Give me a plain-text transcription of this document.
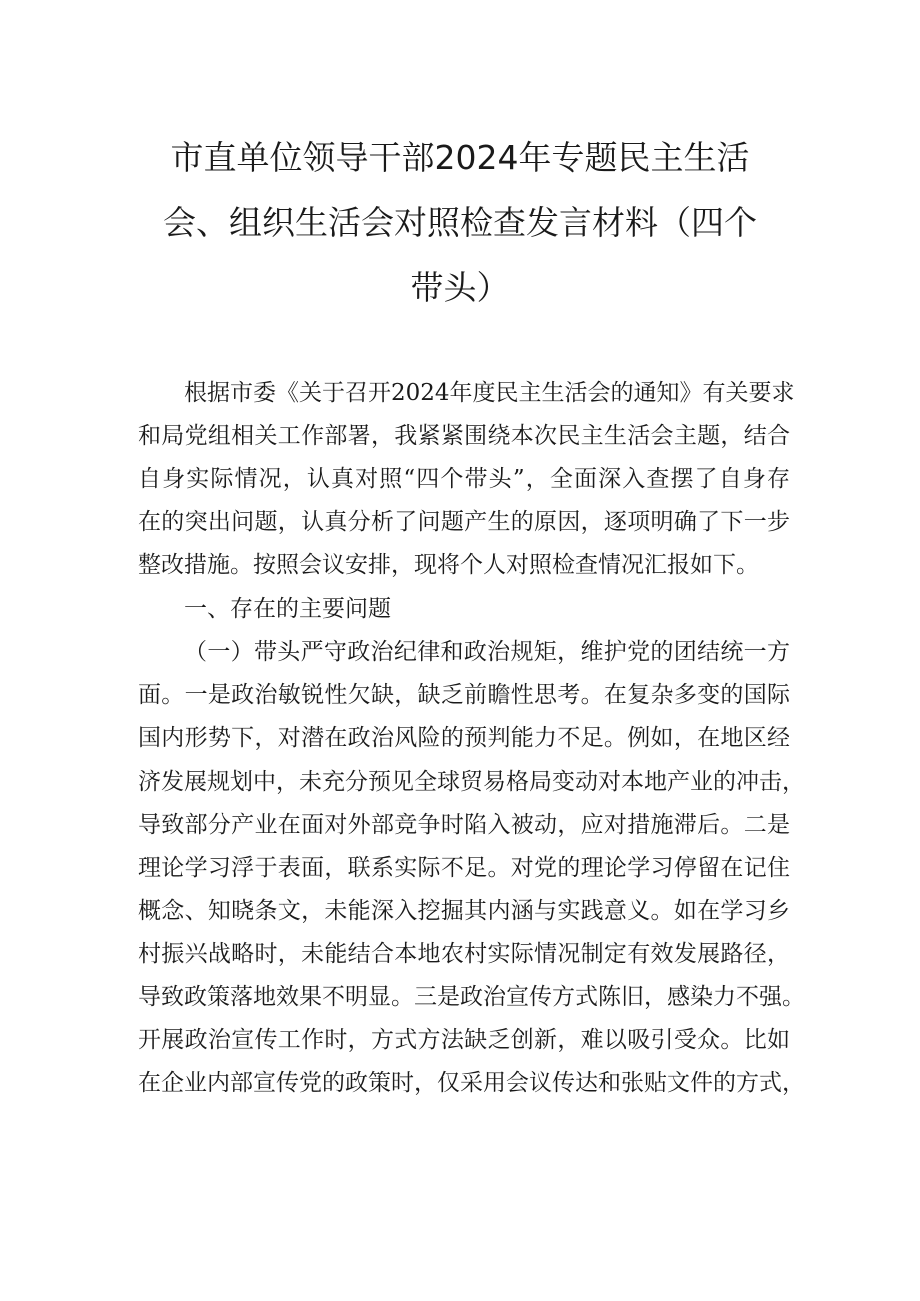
市直单位领导干部2024年专题民主生活
会、组织生活会对照检查发言材料（四个
带头）
根据市委《关于召开2024年度民主生活会的通知》有关要求
和局党组相关工作部署，我紧紧围绕本次民主生活会主题，结合
自身实际情况，认真对照“四个带头”，全面深入查摆了自身存
在的突出问题，认真分析了问题产生的原因，逐项明确了下一步
整改措施。按照会议安排，现将个人对照检查情况汇报如下。
一、存在的主要问题
（一）带头严守政治纪律和政治规矩，维护党的团结统一方
面。一是政治敏锐性欠缺，缺乏前瞻性思考。在复杂多变的国际
国内形势下，对潜在政治风险的预判能力不足。例如，在地区经
济发展规划中，未充分预见全球贸易格局变动对本地产业的冲击，
导致部分产业在面对外部竞争时陷入被动，应对措施滞后。二是
理论学习浮于表面，联系实际不足。对党的理论学习停留在记住
概念、知晓条文，未能深入挖掘其内涵与实践意义。如在学习乡
村振兴战略时，未能结合本地农村实际情况制定有效发展路径，
导致政策落地效果不明显。三是政治宣传方式陈旧，感染力不强。
开展政治宣传工作时，方式方法缺乏创新，难以吸引受众。比如
在企业内部宣传党的政策时，仅采用会议传达和张贴文件的方式，
